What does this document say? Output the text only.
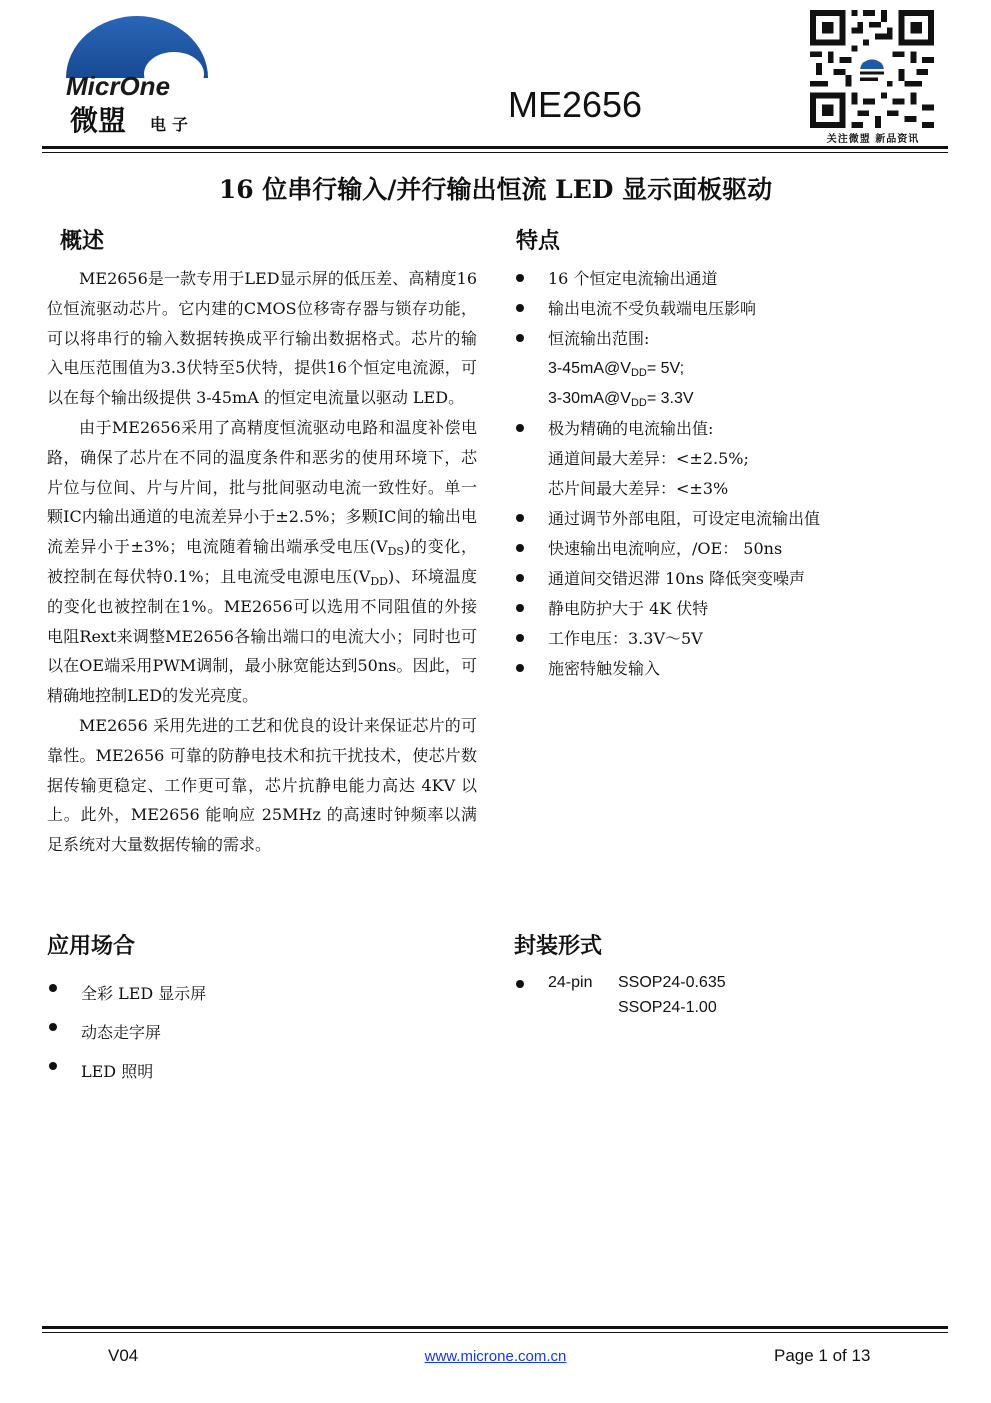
MicrOne
微盟 电子	ME2656
关注微盟 新品资讯
16 位串行输入/并行输出恒流 LED 显示面板驱动
概述

ME2656是一款专用于LED显示屏的低压差、高精度16位恒流驱动芯片。它内建的CMOS位移寄存器与锁存功能，可以将串行的输入数据转换成平行输出数据格式。芯片的输入电压范围值为3.3伏特至5伏特，提供16个恒定电流源，可以在每个输出级提供 3-45mA 的恒定电流量以驱动 LED。

由于ME2656采用了高精度恒流驱动电路和温度补偿电路，确保了芯片在不同的温度条件和恶劣的使用环境下，芯片位与位间、片与片间，批与批间驱动电流一致性好。单一颗IC内输出通道的电流差异小于±2.5%；多颗IC间的输出电流差异小于±3%；电流随着输出端承受电压$(V_{DS})$的变化，被控制在每伏特0.1%；且电流受电源电压$(V_{DD})$、环境温度的变化也被控制在1%。ME2656可以选用不同阻值的外接电阻Rext来调整ME2656各输出端口的电流大小；同时也可以在OE端采用PWM调制，最小脉宽能达到50ns。因此，可精确地控制LED的发光亮度。

ME2656 采用先进的工艺和优良的设计来保证芯片的可靠性。ME2656 可靠的防静电技术和抗干扰技术，使芯片数据传输更稳定、工作更可靠，芯片抗静电能力高达 4KV 以上。此外，ME2656 能响应 25MHz 的高速时钟频率以满足系统对大量数据传输的需求。

特点
16 个恒定电流输出通道
输出电流不受负载端电压影响
恒流输出范围:
$3-45mA@V_{DD}= 5V$;
$3-30mA@V_{DD}= 3.3V$
极为精确的电流输出值:
通道间最大差异：<±2.5%;
芯片间最大差异：<±3%
通过调节外部电阻，可设定电流输出值
快速输出电流响应，/OE： 50ns
通道间交错迟滞 10ns 降低突变噪声
静电防护大于 4K 伏特
工作电压：3.3V～5V
施密特触发输入
应用场合
全彩 LED 显示屏
动态走字屏
LED 照明
封装形式
24-pin	SSOP24-0.635
SSOP24-1.00
V04	www.microne.com.cn	Page 1 of 13
